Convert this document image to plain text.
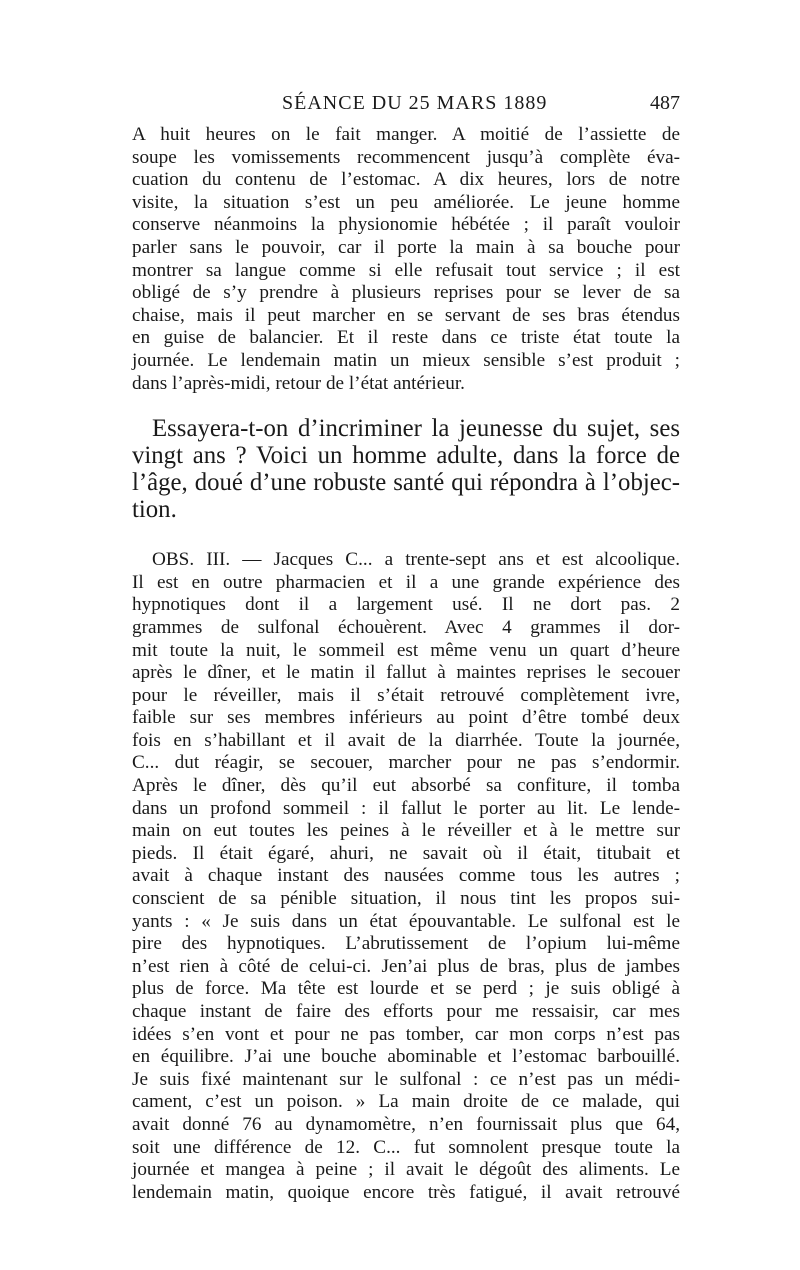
SÉANCE DU 25 MARS 1889	487

A huit heures on le fait manger. A moitié de l’assiette de
soupe les vomissements recommencent jusqu’à complète éva-
cuation du contenu de l’estomac. A dix heures, lors de notre
visite, la situation s’est un peu améliorée. Le jeune homme
conserve néanmoins la physionomie hébétée ; il paraît vouloir
parler sans le pouvoir, car il porte la main à sa bouche pour
montrer sa langue comme si elle refusait tout service ; il est
obligé de s’y prendre à plusieurs reprises pour se lever de sa
chaise, mais il peut marcher en se servant de ses bras étendus
en guise de balancier. Et il reste dans ce triste état toute la
journée. Le lendemain matin un mieux sensible s’est produit ;
dans l’après-midi, retour de l’état antérieur.

Essayera-t-on d’incriminer la jeunesse du sujet, ses
vingt ans ? Voici un homme adulte, dans la force de
l’âge, doué d’une robuste santé qui répondra à l’objec-
tion.

OBS. III. — Jacques C... a trente-sept ans et est alcoolique.
Il est en outre pharmacien et il a une grande expérience des
hypnotiques dont il a largement usé. Il ne dort pas. 2
grammes de sulfonal échouèrent. Avec 4 grammes il dor-
mit toute la nuit, le sommeil est même venu un quart d’heure
après le dîner, et le matin il fallut à maintes reprises le secouer
pour le réveiller, mais il s’était retrouvé complètement ivre,
faible sur ses membres inférieurs au point d’être tombé deux
fois en s’habillant et il avait de la diarrhée. Toute la journée,
C... dut réagir, se secouer, marcher pour ne pas s’endormir.
Après le dîner, dès qu’il eut absorbé sa confiture, il tomba
dans un profond sommeil : il fallut le porter au lit. Le lende-
main on eut toutes les peines à le réveiller et à le mettre sur
pieds. Il était égaré, ahuri, ne savait où il était, titubait et
avait à chaque instant des nausées comme tous les autres ;
conscient de sa pénible situation, il nous tint les propos sui-
yants : « Je suis dans un état épouvantable. Le sulfonal est le
pire des hypnotiques. L’abrutissement de l’opium lui-même
n’est rien à côté de celui-ci. Jen’ai plus de bras, plus de jambes
plus de force. Ma tête est lourde et se perd ; je suis obligé à
chaque instant de faire des efforts pour me ressaisir, car mes
idées s’en vont et pour ne pas tomber, car mon corps n’est pas
en équilibre. J’ai une bouche abominable et l’estomac barbouillé.
Je suis fixé maintenant sur le sulfonal : ce n’est pas un médi-
cament, c’est un poison. » La main droite de ce malade, qui
avait donné 76 au dynamomètre, n’en fournissait plus que 64,
soit une différence de 12. C... fut somnolent presque toute la
journée et mangea à peine ; il avait le dégoût des aliments. Le
lendemain matin, quoique encore très fatigué, il avait retrouvé
